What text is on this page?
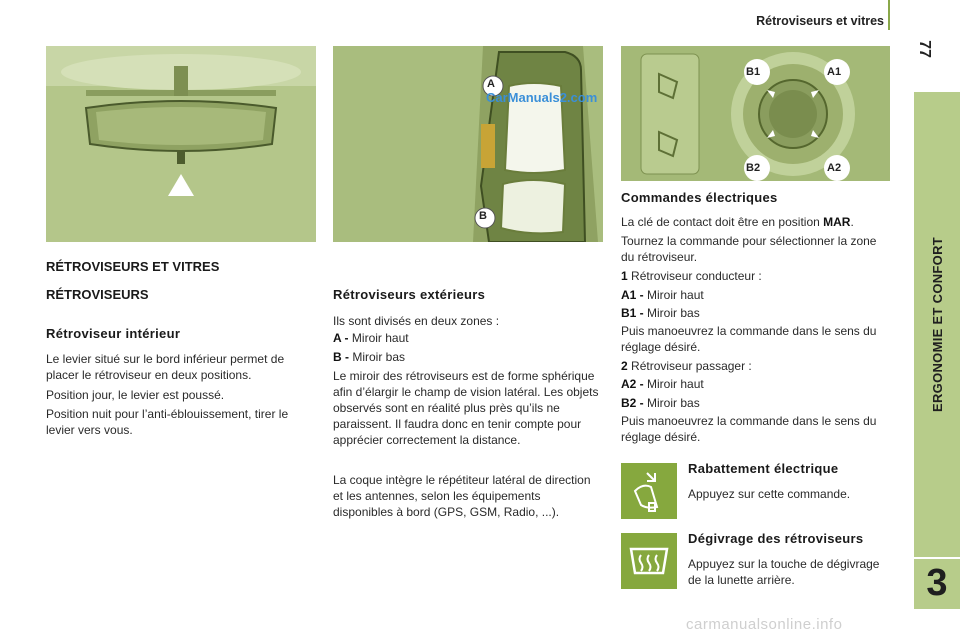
Rétroviseurs et vitres
77
ERGONOMIE ET CONFORT
3
A
B
B1	A1
B2	A2
CarManuals2.com
RÉTROVISEURS ET VITRES
RÉTROVISEURS
Rétroviseur intérieur
Le levier situé sur le bord inférieur permet de placer le rétroviseur en deux positions.
Position jour, le levier est poussé.
Position nuit pour l’anti-éblouissement, tirer le levier vers vous.
Rétroviseurs extérieurs
Ils sont divisés en deux zones :
A - Miroir haut
B - Miroir bas
Le miroir des rétroviseurs est de forme sphérique afin d’élargir le champ de vision latéral. Les objets observés sont en réalité plus près qu’ils ne paraissent. Il faudra donc en tenir compte pour apprécier correctement la distance.
La coque intègre le répétiteur latéral de direction et les antennes, selon les équipements disponibles à bord (GPS, GSM, Radio, ...).
Commandes électriques
La clé de contact doit être en position MAR.
Tournez la commande pour sélectionner la zone du rétroviseur.
1 Rétroviseur conducteur :
A1 - Miroir haut
B1 - Miroir bas
Puis manoeuvrez la commande dans le sens du réglage désiré.
2 Rétroviseur passager :
A2 - Miroir haut
B2 - Miroir bas
Puis manoeuvrez la commande dans le sens du réglage désiré.
Rabattement électrique
Appuyez sur cette commande.
Dégivrage des rétroviseurs
Appuyez sur la touche de dégivrage de la lunette arrière.
carmanualsonline.info
